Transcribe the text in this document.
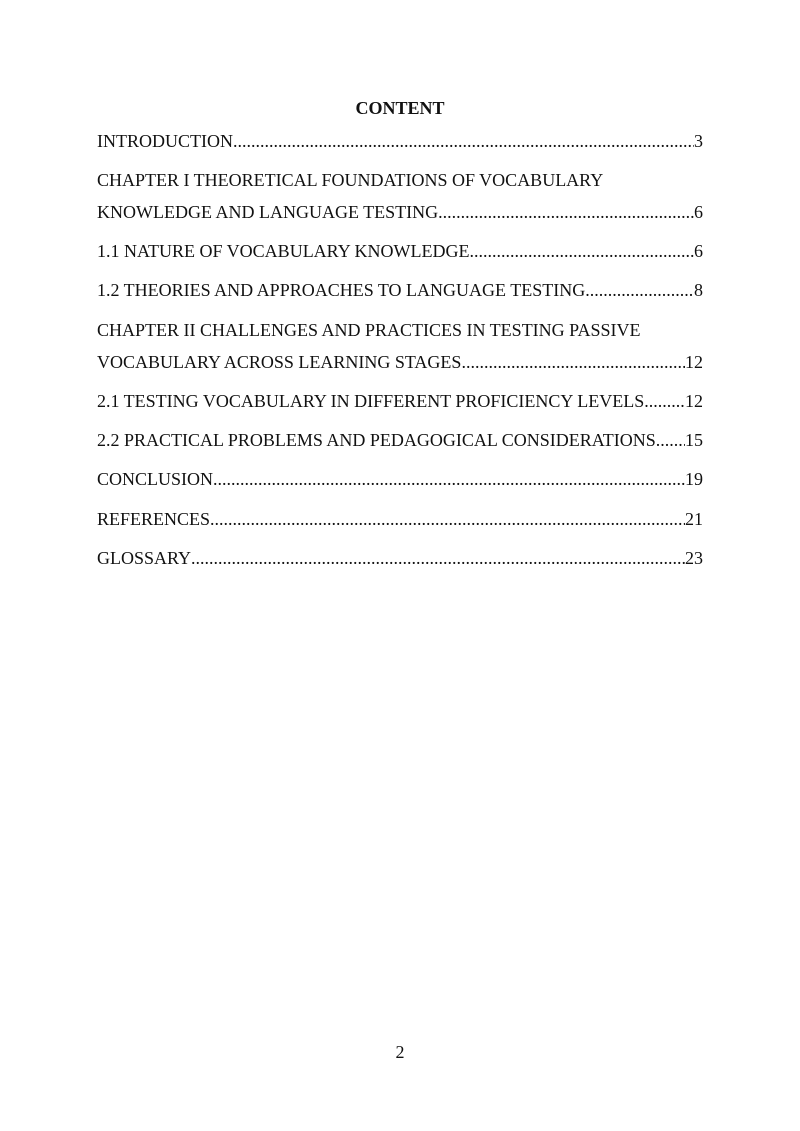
CONTENT
INTRODUCTION .....	3
CHAPTER I THEORETICAL FOUNDATIONS OF VOCABULARY
KNOWLEDGE AND LANGUAGE TESTING .....	6
1.1 NATURE OF VOCABULARY KNOWLEDGE .....	6
1.2 THEORIES AND APPROACHES TO LANGUAGE TESTING .....	8
CHAPTER II CHALLENGES AND PRACTICES IN TESTING PASSIVE
VOCABULARY ACROSS LEARNING STAGES .....	12
2.1 TESTING VOCABULARY IN DIFFERENT PROFICIENCY LEVELS ..... 12
2.2 PRACTICAL PROBLEMS AND PEDAGOGICAL CONSIDERATIONS ..... 15
CONCLUSION .....	19
REFERENCES .....	21
GLOSSARY .....	23
2
